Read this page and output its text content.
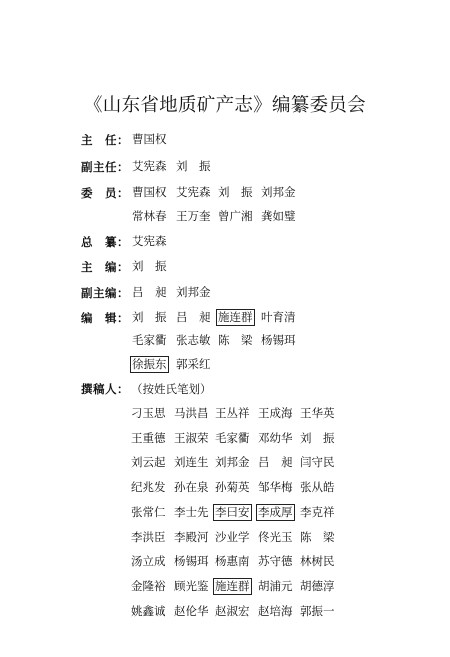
《山东省地质矿产志》编纂委员会
主　任： 曹国权
副主任： 艾宪森 刘　振
委　员： 曹国权 艾宪森 刘　振 刘邦金
常林春 王万奎 曾广湘 龚如璧
总　纂： 艾宪森
主　编： 刘　振
副主编： 吕　昶 刘邦金
编　辑： 刘　振 吕　昶 施连群 叶育清
毛家衢 张志敏 陈　梁 杨锡珥
徐振东 郭采红
撰稿人： （按姓氏笔划）
刁玉思 马洪昌 王丛祥 王成海 王华英
王重德 王淑荣 毛家衢 邓幼华 刘　振
刘云起 刘连生 刘邦金 吕　昶 闫守民
纪兆发 孙在泉 孙菊英 邹华梅 张从皓
张常仁 李士先 李曰安 李成厚 李克祥
李洪臣 李殿河 沙业学 佟光玉 陈　梁
汤立成 杨锡珥 杨惠南 苏守德 林树民
金隆裕 顾光鉴 施连群 胡浦元 胡德淳
姚鑫诚 赵伦华 赵淑宏 赵培海 郭振一
